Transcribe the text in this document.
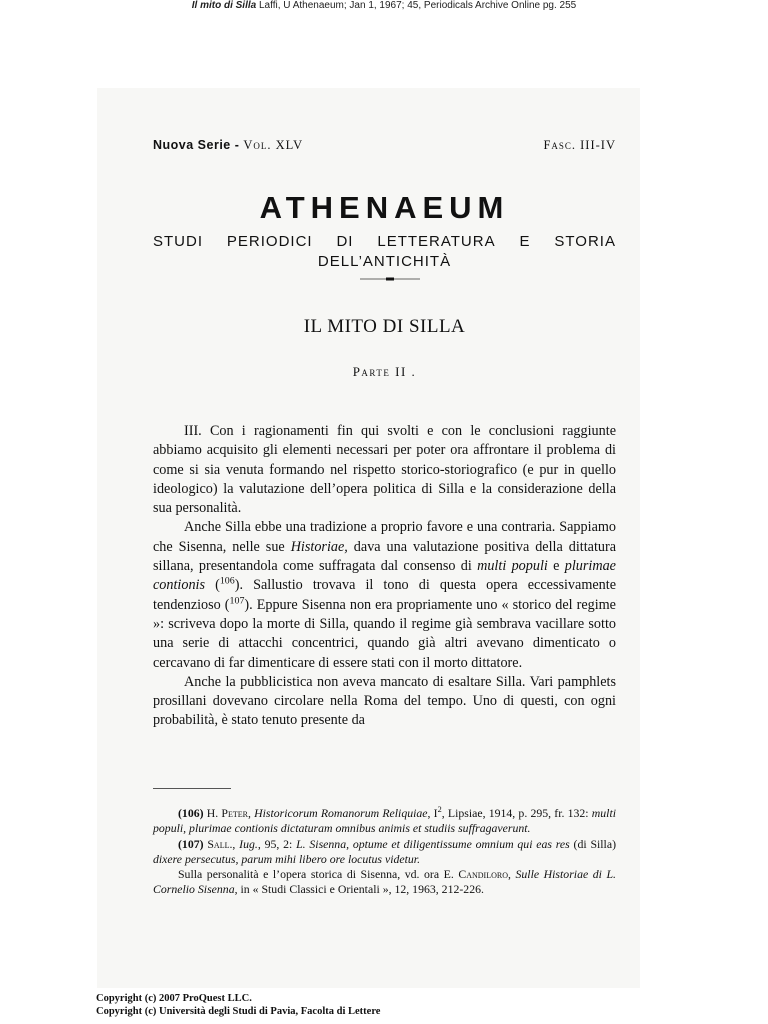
Il mito di Silla Laffi, U Athenaeum; Jan 1, 1967; 45, Periodicals Archive Online pg. 255
Nuova Serie - Vol. XLV	Fasc. III-IV
ATHENAEUM
STUDI PERIODICI DI LETTERATURA E STORIA
DELL’ANTICHITÀ
IL MITO DI SILLA
Parte II .

III. Con i ragionamenti fin qui svolti e con le conclusioni raggiunte abbiamo acquisito gli elementi necessari per poter ora affrontare il problema di come si sia venuta formando nel rispetto storico-storiografico (e pur in quello ideologico) la valutazione dell’opera politica di Silla e la considerazione della sua personalità.

Anche Silla ebbe una tradizione a proprio favore e una contraria. Sappiamo che Sisenna, nelle sue Historiae, dava una valutazione positiva della dittatura sillana, presentandola come suffragata dal consenso di multi populi e plurimae contionis ($^{106}$). Sallustio trovava il tono di questa opera eccessivamente tendenzioso ($^{107}$). Eppure Sisenna non era propriamente uno « storico del regime »: scriveva dopo la morte di Silla, quando il regime già sembrava vacillare sotto una serie di attacchi concentrici, quando già altri avevano dimenticato o cercavano di far dimenticare di essere stati con il morto dittatore.

Anche la pubblicistica non aveva mancato di esaltare Silla. Vari pamphlets prosillani dovevano circolare nella Roma del tempo. Uno di questi, con ogni probabilità, è stato tenuto presente da

(106) H. Peter, Historicorum Romanorum Reliquiae, $I^2$, Lipsiae, 1914, p. 295, fr. 132: multi populi, plurimae contionis dictaturam omnibus animis et studiis suffragaverunt.

(107) Sall., Iug., 95, 2: L. Sisenna, optume et diligentissume omnium qui eas res (di Silla) dixere persecutus, parum mihi libero ore locutus videtur.

Sulla personalità e l’opera storica di Sisenna, vd. ora E. Candiloro, Sulle Historiae di L. Cornelio Sisenna, in « Studi Classici e Orientali », 12, 1963, 212-226.

Copyright (c) 2007 ProQuest LLC.
Copyright (c) Università degli Studi di Pavia, Facolta di Lettere
